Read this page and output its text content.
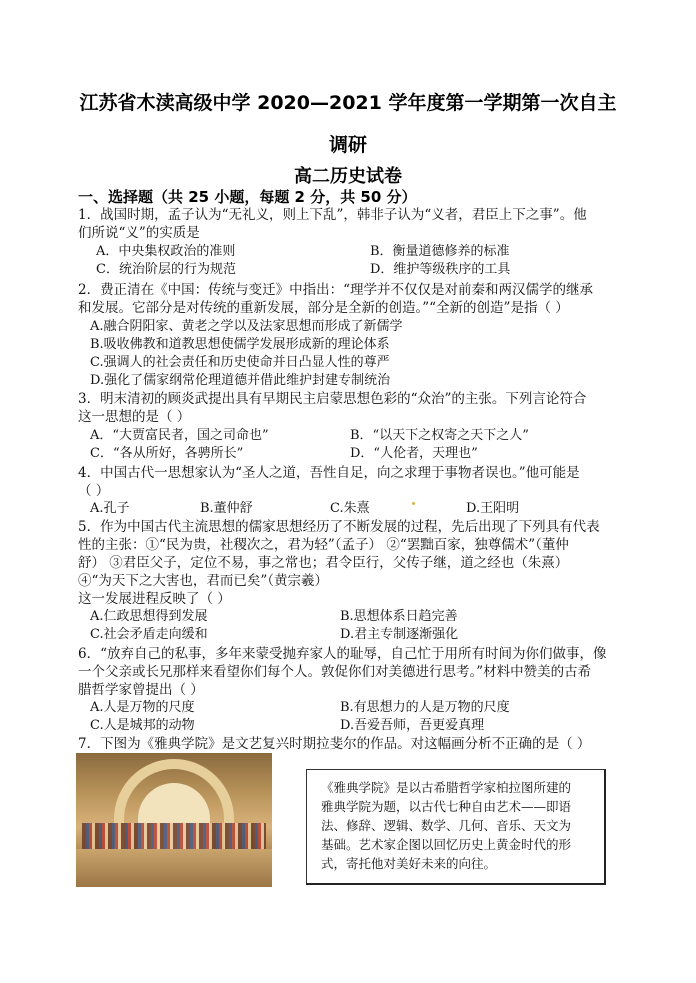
江苏省木渎高级中学 2020—2021 学年度第一学期第一次自主
调研
高二历史试卷
一、选择题（共 25 小题，每题 2 分，共 50 分）
1．战国时期，孟子认为“无礼义，则上下乱”，韩非子认为“义者，君臣上下之事”。他
们所说“义”的实质是
A．中央集权政治的准则	B．衡量道德修养的标准
C．统治阶层的行为规范	D．维护等级秩序的工具
2．费正清在《中国：传统与变迁》中指出：“理学并不仅仅是对前秦和两汉儒学的继承
和发展。它部分是对传统的重新发展，部分是全新的创造。”“全新的创造”是指（ ）
A.融合阴阳家、黄老之学以及法家思想而形成了新儒学
B.吸收佛教和道教思想使儒学发展形成新的理论体系
C.强调人的社会责任和历史使命并日凸显人性的尊严
D.强化了儒家纲常伦理道德并借此维护封建专制统治
3．明末清初的顾炎武提出具有早期民主启蒙思想色彩的“众治”的主张。下列言论符合
这一思想的是（ ）
A．“大贾富民者，国之司命也”	B．“以天下之权寄之天下之人”
C．“各从所好，各骋所长”	D．“人伦者，天理也”
4．中国古代一思想家认为“圣人之道，吾性自足，向之求理于事物者误也。”他可能是
（ ）
A.孔子	B.董仲舒	C.朱熹	D.王阳明
5．作为中国古代主流思想的儒家思想经历了不断发展的过程，先后出现了下列具有代表
性的主张：①“民为贵，社稷次之，君为轻”（孟子） ②“罢黜百家，独尊儒术”（董仲
舒） ③君臣父子，定位不易，事之常也；君令臣行，父传子继，道之经也（朱熹）
④“为天下之大害也，君而已矣”（黄宗羲）
这一发展进程反映了（ ）
A.仁政思想得到发展	B.思想体系日趋完善
C.社会矛盾走向缓和	D.君主专制逐渐强化
6．“放弃自己的私事，多年来蒙受抛弃家人的耻辱，自己忙于用所有时间为你们做事，像
一个父亲或长兄那样来看望你们每个人。敦促你们对美德进行思考。”材料中赞美的古希
腊哲学家曾提出（ ）
A.人是万物的尺度	B.有思想力的人是万物的尺度
C.人是城邦的动物	D.吾爱吾师，吾更爱真理
7．下图为《雅典学院》是文艺复兴时期拉斐尔的作品。对这幅画分析不正确的是（ ）
《雅典学院》是以古希腊哲学家柏拉图所建的
雅典学院为题，以古代七种自由艺术——即语
法、修辞、逻辑、数学、几何、音乐、天文为
基础。艺术家企图以回忆历史上黄金时代的形
式，寄托他对美好未来的向往。
